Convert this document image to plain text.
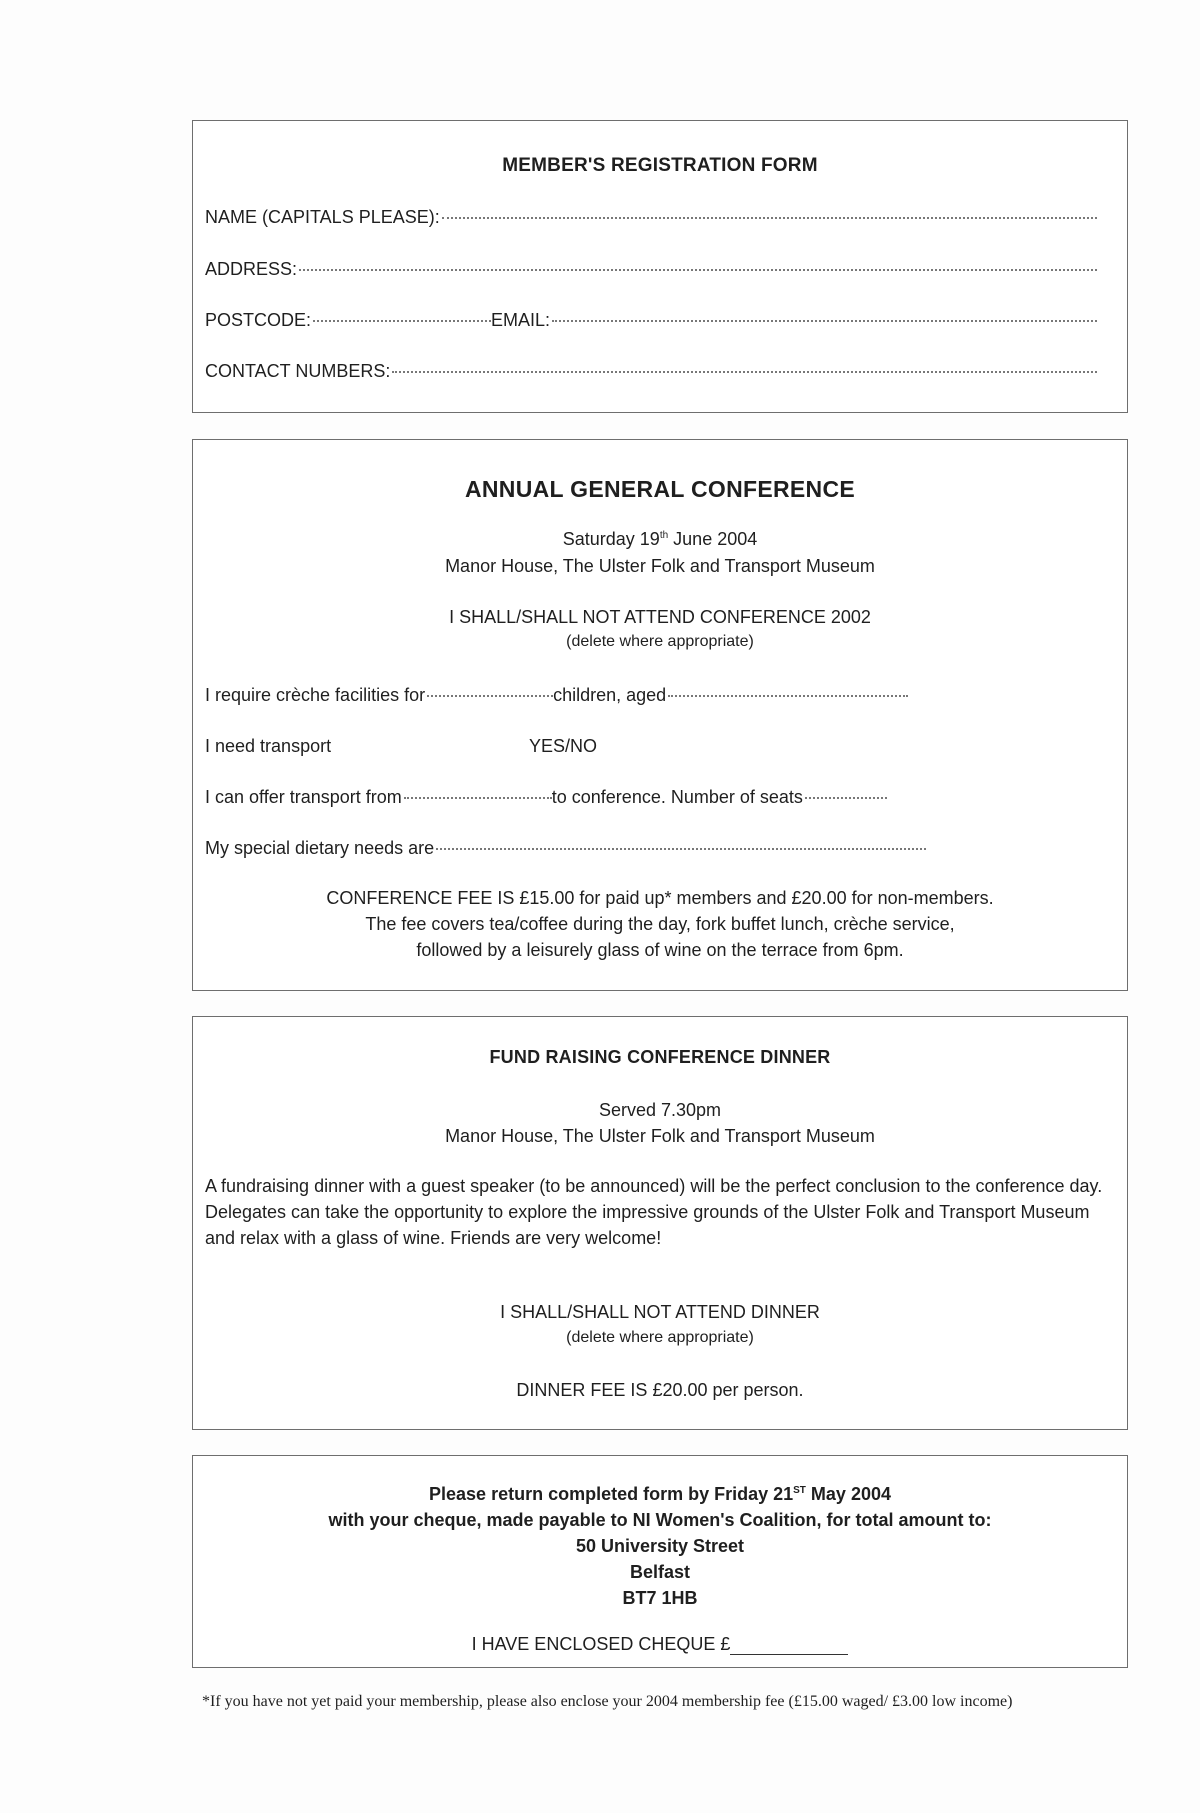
MEMBER'S REGISTRATION FORM
NAME (CAPITALS PLEASE):
ADDRESS:
POSTCODE:	EMAIL:
CONTACT NUMBERS:
ANNUAL GENERAL CONFERENCE
Saturday 19th June 2004
Manor House, The Ulster Folk and Transport Museum
I SHALL/SHALL NOT ATTEND CONFERENCE 2002
(delete where appropriate)
I require crèche facilities for	children, aged
I need transport	YES/NO
I can offer transport from	to conference. Number of seats
My special dietary needs are
CONFERENCE FEE IS £15.00 for paid up* members and £20.00 for non-members.
The fee covers tea/coffee during the day, fork buffet lunch, crèche service,
followed by a leisurely glass of wine on the terrace from 6pm.
FUND RAISING CONFERENCE DINNER
Served 7.30pm
Manor House, The Ulster Folk and Transport Museum
A fundraising dinner with a guest speaker (to be announced) will be the perfect conclusion to the conference day. Delegates can take the opportunity to explore the impressive grounds of the Ulster Folk and Transport Museum and relax with a glass of wine. Friends are very welcome!
I SHALL/SHALL NOT ATTEND DINNER
(delete where appropriate)
DINNER FEE IS £20.00 per person.
Please return completed form by Friday 21ST May 2004
with your cheque, made payable to NI Women's Coalition, for total amount to:
50 University Street
Belfast
BT7 1HB
I HAVE ENCLOSED CHEQUE £
*If you have not yet paid your membership, please also enclose your 2004 membership fee (£15.00 waged/ £3.00 low income)
